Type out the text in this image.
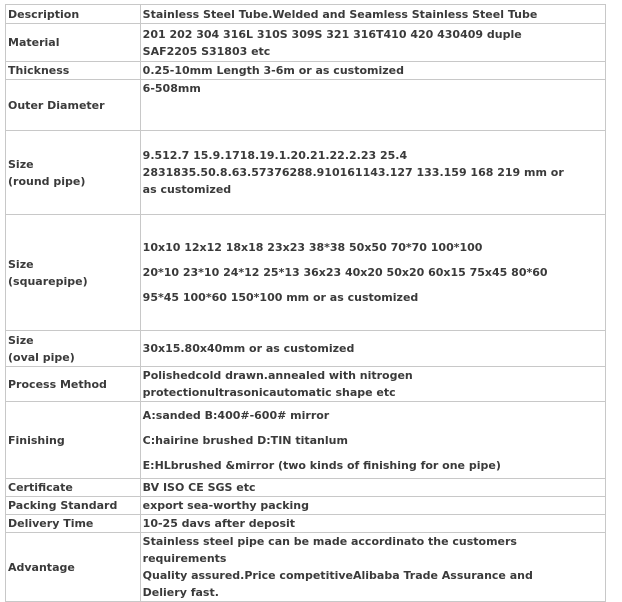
Description	Stainless Steel Tube.Welded and Seamless Stainless Steel Tube
Material	201 202 304 316L 310S 309S 321 316T410 420 430409 duple
SAF2205 S31803 etc

Thickness	0.25-10mm Length 3-6m or as customized
Outer Diameter	6-508mm

Size
(round pipe)	9.512.7 15.9.1718.19.1.20.21.22.2.23 25.4
2831835.50.8.63.57376288.910161143.127 133.159 168 219 mm or
as customized

Size
(squarepipe)	10x10 12x12 18x18 23x23 38*38 50x50 70*70 100*100
20*10 23*10 24*12 25*13 36x23 40x20 50x20 60x15 75x45 80*60
95*45 100*60 150*100 mm or as customized

Size
(oval pipe)	30x15.80x40mm or as customized
Process Method	Polishedcold drawn.annealed with nitrogen
protectionultrasonicautomatic shape etc

Finishing	A:sanded B:400#-600# mirror
C:hairine brushed D:TIN titanlum
E:HLbrushed &mirror (two kinds of finishing for one pipe)

Certificate	BV ISO CE SGS etc
Packing Standard	export sea-worthy packing
Delivery Time	10-25 davs after deposit
Advantage	Stainless steel pipe can be made accordinato the customers
requirements
Quality assured.Price competitiveAlibaba Trade Assurance and
Deliery fast.
